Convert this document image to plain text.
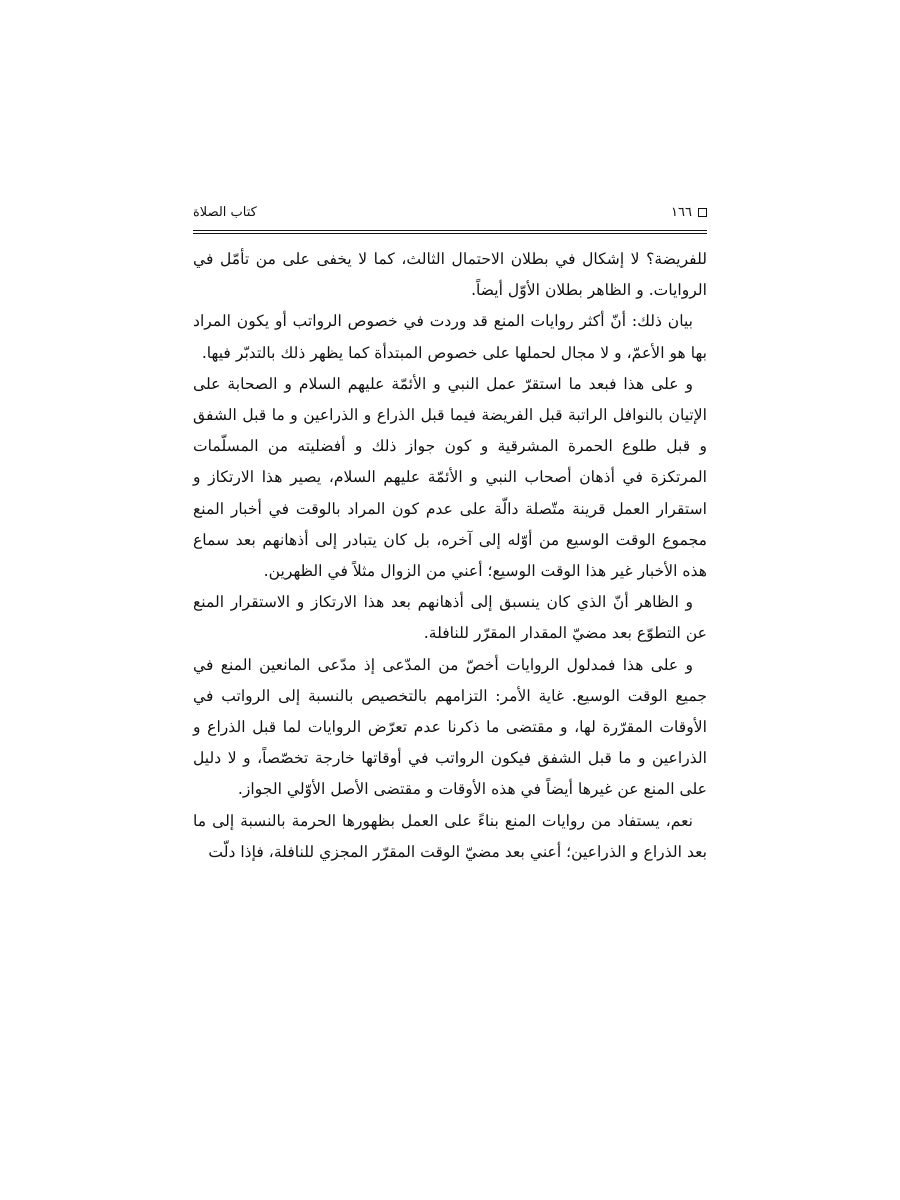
١٦٦
كتاب الصلاة

للفريضة؟ لا إشكال في بطلان الاحتمال الثالث، كما لا يخفى على من تأمّل في الروايات. و الظاهر بطلان الأوّل أيضاً.

بيان ذلك: أنّ أكثر روايات المنع قد وردت في خصوص الرواتب أو يكون المراد بها هو الأعمّ، و لا مجال لحملها على خصوص المبتدأة كما يظهر ذلك بالتدبّر فيها.

و على هذا فبعد ما استقرّ عمل النبي و الأئمّة عليهم السلام و الصحابة على الإتيان بالنوافل الراتبة قبل الفريضة فيما قبل الذراع و الذراعين و ما قبل الشفق و قبل طلوع الحمرة المشرقية و كون جواز ذلك و أفضليته من المسلّمات المرتكزة في أذهان أصحاب النبي و الأئمّة عليهم السلام، يصير هذا الارتكاز و استقرار العمل قرينة متّصلة دالّة على عدم كون المراد بالوقت في أخبار المنع مجموع الوقت الوسيع من أوّله إلى آخره، بل كان يتبادر إلى أذهانهم بعد سماع هذه الأخبار غير هذا الوقت الوسيع؛ أعني من الزوال مثلاً في الظهرين.

و الظاهر أنّ الذي كان ينسبق إلى أذهانهم بعد هذا الارتكاز و الاستقرار المنع عن التطوّع بعد مضيّ المقدار المقرّر للنافلة.

و على هذا فمدلول الروايات أخصّ من المدّعى إذ مدّعى المانعين المنع في جميع الوقت الوسيع. غاية الأمر: التزامهم بالتخصيص بالنسبة إلى الرواتب في الأوقات المقرّرة لها، و مقتضى ما ذكرنا عدم تعرّض الروايات لما قبل الذراع و الذراعين و ما قبل الشفق فيكون الرواتب في أوقاتها خارجة تخصّصاً، و لا دليل على المنع عن غيرها أيضاً في هذه الأوقات و مقتضى الأصل الأوّلي الجواز.

نعم، يستفاد من روايات المنع بناءً على العمل بظهورها الحرمة بالنسبة إلى ما بعد الذراع و الذراعين؛ أعني بعد مضيّ الوقت المقرّر المجزي للنافلة، فإذا دلّت
